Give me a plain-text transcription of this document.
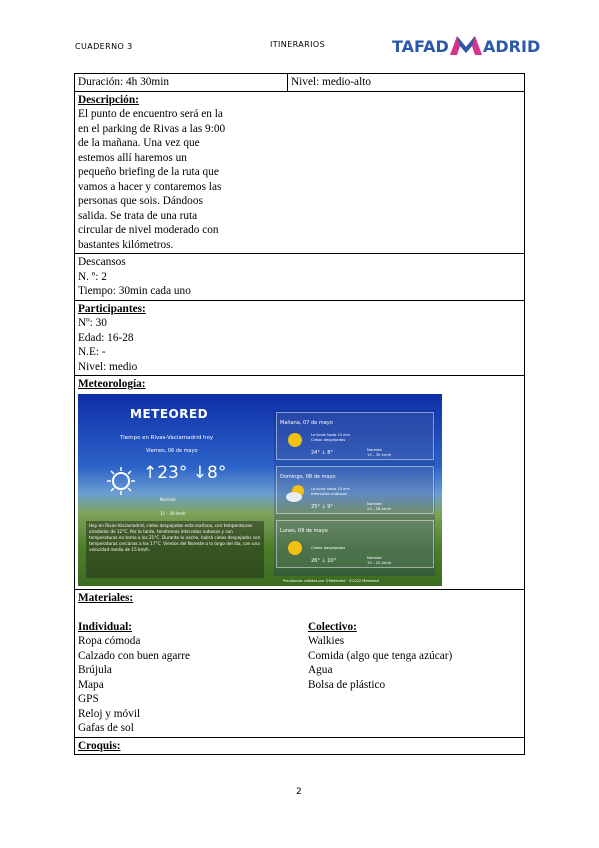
CUADERNO 3	ITINERARIOS	TAFAD ADRID
Duración: 4h 30min	Nivel: medio-alto

Descripción:
El punto de encuentro será en la
en el parking de Rivas a las 9:00
de la mañana. Una vez que
estemos allí haremos un
pequeño briefing de la ruta que
vamos a hacer y contaremos las
personas que sois. Dándoos
salida. Se trata de una ruta
circular de nivel moderado con
bastantes kilómetros.

Descansos
N. º: 2
Tiempo: 30min cada uno

Participantes:
Nº: 30
Edad: 16-28
N.E: -
Nivel: medio

Meteorología:
METEORED
Tiempo en Rivas-Vaciamadrid hoy
Viernes, 06 de mayo
↑23° ↓8°
Noreste
15 - 30 km/h
Hoy en Rivas-Vaciamadrid, cielos despejados esta mañana, con temperaturas alrededor de 12°C. Por la tarde, tendremos intervalos nubosos y con temperaturas en torno a los 21°C. Durante la noche, habrá cielos despejados con temperaturas cercanas a los 17°C. Vientos del Noreste a lo largo del día, con una velocidad media de 15 km/h.
Mañana, 07 de mayo
La lluvia hasta 10 mm
Cielos despejados
24° ↓ 8°
Noreste
15 - 30 km/h
Domingo, 08 de mayo
La lluvia hasta 10 mm
Intervalos nubosos
25° ↓ 9°
Noreste
24 - 28 km/h
Lunes, 09 de mayo
Cielos despejados
26° ↓ 10°
Noreste
15 - 22 km/h
Previsiones cedidas por ©Meteored · ©2022 Meteored

Materiales:

Individual:
Ropa cómoda
Calzado con buen agarre
Brújula
Mapa
GPS
Reloj y móvil
Gafas de sol

Colectivo:
Walkies
Comida (algo que tenga azúcar)
Agua
Bolsa de plástico

Croquis:
2
